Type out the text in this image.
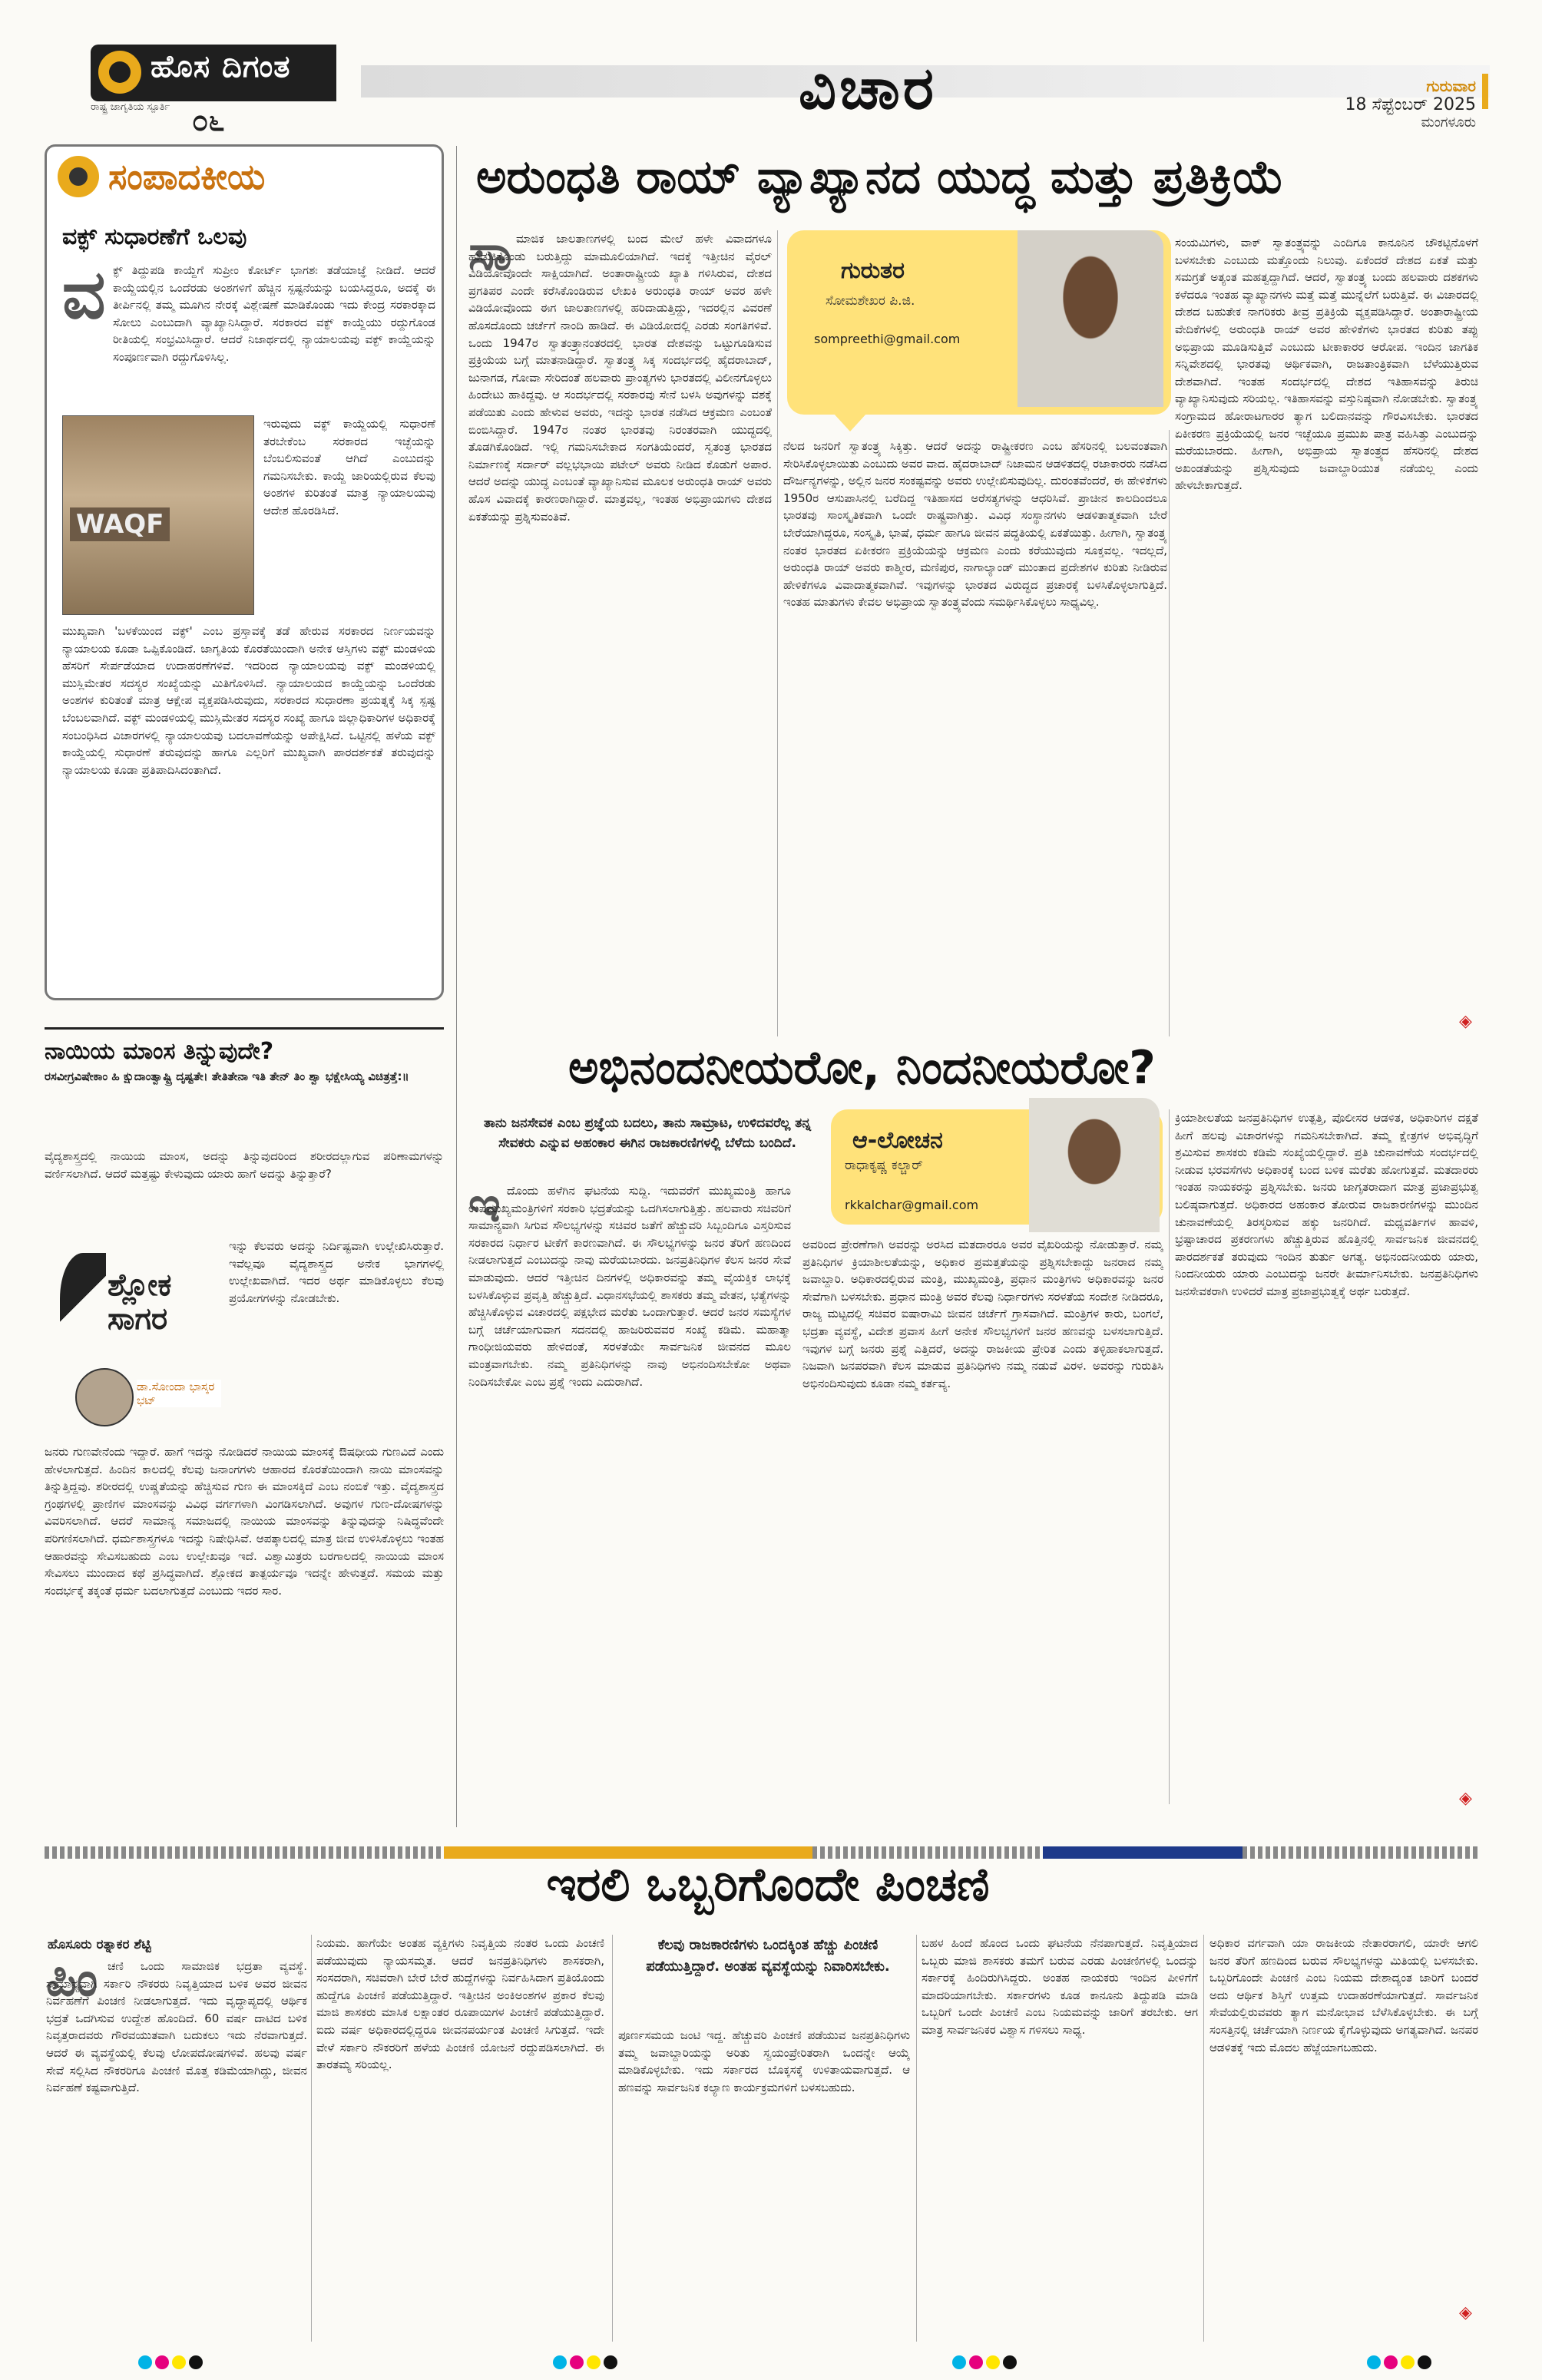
ಹೊಸ ದಿಗಂತ
ರಾಷ್ಟ್ರ ಜಾಗೃತಿಯ ಸ್ಪೂರ್ತಿ ೦೬	ವಿಚಾರ	ಗುರುವಾರ
18 ಸೆಪ್ಟೆಂಬರ್ 2025
ಮಂಗಳೂರು
ಸಂಪಾದಕೀಯ
ವಕ್ಫ್ ಸುಧಾರಣೆಗೆ ಒಲವು
ವ ಕ್ಫ್ ತಿದ್ದುಪಡಿ ಕಾಯ್ದೆಗೆ ಸುಪ್ರೀಂ ಕೋರ್ಟ್ ಭಾಗಶಃ ತಡೆಯಾಜ್ಞೆ ನೀಡಿದೆ. ಆದರೆ ಕಾಯ್ದೆಯಲ್ಲಿನ ಒಂದೆರಡು ಅಂಶಗಳಿಗೆ ಹೆಚ್ಚಿನ ಸ್ಪಷ್ಟನೆಯನ್ನು ಬಯಸಿದ್ದರೂ, ಅದಕ್ಕೆ ಈ ತೀರ್ಪಿನಲ್ಲಿ ತಮ್ಮ ಮೂಗಿನ ನೇರಕ್ಕೆ ವಿಶ್ಲೇಷಣೆ ಮಾಡಿಕೊಂಡು ಇದು ಕೇಂದ್ರ ಸರಕಾರಕ್ಕಾದ ಸೋಲು ಎಂಬುದಾಗಿ ವ್ಯಾಖ್ಯಾನಿಸಿದ್ದಾರೆ. ಸರಕಾರದ ವಕ್ಫ್ ಕಾಯ್ದೆಯು ರದ್ದುಗೊಂಡ ರೀತಿಯಲ್ಲಿ ಸಂಭ್ರಮಿಸಿದ್ದಾರೆ. ಆದರೆ ನಿಜಾರ್ಥದಲ್ಲಿ ನ್ಯಾಯಾಲಯವು ವಕ್ಫ್ ಕಾಯ್ದೆಯನ್ನು ಸಂಪೂರ್ಣವಾಗಿ ರದ್ದುಗೊಳಿಸಿಲ್ಲ.
WAQF
ಇರುವುದು ವಕ್ಫ್ ಕಾಯ್ದೆಯಲ್ಲಿ ಸುಧಾರಣೆ ತರಬೇಕೆಂಬ ಸರಕಾರದ ಇಚ್ಛೆಯನ್ನು ಬೆಂಬಲಿಸುವಂತೆ ಆಗಿದೆ ಎಂಬುದನ್ನು ಗಮನಿಸಬೇಕು. ಕಾಯ್ದೆ ಜಾರಿಯಲ್ಲಿರುವ ಕೆಲವು ಅಂಶಗಳ ಕುರಿತಂತೆ ಮಾತ್ರ ನ್ಯಾಯಾಲಯವು ಆದೇಶ ಹೊರಡಿಸಿದೆ.
ಮುಖ್ಯವಾಗಿ 'ಬಳಕೆಯಿಂದ ವಕ್ಫ್' ಎಂಬ ಪ್ರಸ್ತಾವಕ್ಕೆ ತಡೆ ಹೇರುವ ಸರಕಾರದ ನಿರ್ಣಯವನ್ನು ನ್ಯಾಯಾಲಯ ಕೂಡಾ ಒಪ್ಪಿಕೊಂಡಿದೆ. ಜಾಗೃತಿಯ ಕೊರತೆಯಿಂದಾಗಿ ಅನೇಕ ಆಸ್ತಿಗಳು ವಕ್ಫ್ ಮಂಡಳಿಯ ಹೆಸರಿಗೆ ಸೇರ್ಪಡೆಯಾದ ಉದಾಹರಣೆಗಳಿವೆ. ಇದರಿಂದ ನ್ಯಾಯಾಲಯವು ವಕ್ಫ್ ಮಂಡಳಿಯಲ್ಲಿ ಮುಸ್ಲಿಮೇತರ ಸದಸ್ಯರ ಸಂಖ್ಯೆಯನ್ನು ಮಿತಿಗೊಳಿಸಿದೆ. ನ್ಯಾಯಾಲಯದ ಕಾಯ್ದೆಯನ್ನು ಒಂದೆರಡು ಅಂಶಗಳ ಕುರಿತಂತೆ ಮಾತ್ರ ಆಕ್ಷೇಪ ವ್ಯಕ್ತಪಡಿಸಿರುವುದು, ಸರಕಾರದ ಸುಧಾರಣಾ ಪ್ರಯತ್ನಕ್ಕೆ ಸಿಕ್ಕ ಸ್ಪಷ್ಟ ಬೆಂಬಲವಾಗಿದೆ. ವಕ್ಫ್ ಮಂಡಳಿಯಲ್ಲಿ ಮುಸ್ಲಿಮೇತರ ಸದಸ್ಯರ ಸಂಖ್ಯೆ ಹಾಗೂ ಜಿಲ್ಲಾಧಿಕಾರಿಗಳ ಅಧಿಕಾರಕ್ಕೆ ಸಂಬಂಧಿಸಿದ ವಿಚಾರಗಳಲ್ಲಿ ನ್ಯಾಯಾಲಯವು ಬದಲಾವಣೆಯನ್ನು ಅಪೇಕ್ಷಿಸಿದೆ. ಒಟ್ಟಿನಲ್ಲಿ ಹಳೆಯ ವಕ್ಫ್ ಕಾಯ್ದೆಯಲ್ಲಿ ಸುಧಾರಣೆ ತರುವುದನ್ನು ಹಾಗೂ ಎಲ್ಲರಿಗೆ ಮುಖ್ಯವಾಗಿ ಪಾರದರ್ಶಕತೆ ತರುವುದನ್ನು ನ್ಯಾಯಾಲಯ ಕೂಡಾ ಪ್ರತಿಪಾದಿಸಿದಂತಾಗಿದೆ.
ಅರುಂಧತಿ ರಾಯ್ ವ್ಯಾಖ್ಯಾನದ ಯುದ್ಧ ಮತ್ತು ಪ್ರತಿಕ್ರಿಯೆ
ಸಾ ಮಾಜಿಕ ಜಾಲತಾಣಗಳಲ್ಲಿ ಬಂದ ಮೇಲೆ ಹಳೇ ವಿವಾದಗಳೂ ಹುಡುಕಿಕೊಂಡು ಬರುತ್ತಿದ್ದು ಮಾಮೂಲಿಯಾಗಿದೆ. ಇದಕ್ಕೆ ಇತ್ತೀಚಿನ ವೈರಲ್ ವಿಡಿಯೋವೊಂದೇ ಸಾಕ್ಷಿಯಾಗಿದೆ. ಅಂತಾರಾಷ್ಟ್ರೀಯ ಖ್ಯಾತಿ ಗಳಿಸಿರುವ, ದೇಶದ ಪ್ರಗತಿಪರ ಎಂದೇ ಕರೆಸಿಕೊಂಡಿರುವ ಲೇಖಕಿ ಅರುಂಧತಿ ರಾಯ್ ಅವರ ಹಳೇ ವಿಡಿಯೋವೊಂದು ಈಗ ಜಾಲತಾಣಗಳಲ್ಲಿ ಹರಿದಾಡುತ್ತಿದ್ದು, ಇದರಲ್ಲಿನ ವಿವರಣೆ ಹೊಸದೊಂದು ಚರ್ಚೆಗೆ ನಾಂದಿ ಹಾಡಿದೆ. ಈ ವಿಡಿಯೋದಲ್ಲಿ ಎರಡು ಸಂಗತಿಗಳಿವೆ. ಒಂದು 1947ರ ಸ್ವಾತಂತ್ರ್ಯಾನಂತರದಲ್ಲಿ ಭಾರತ ದೇಶವನ್ನು ಒಟ್ಟುಗೂಡಿಸುವ ಪ್ರಕ್ರಿಯೆಯ ಬಗ್ಗೆ ಮಾತನಾಡಿದ್ದಾರೆ. ಸ್ವಾತಂತ್ರ್ಯ ಸಿಕ್ಕ ಸಂದರ್ಭದಲ್ಲಿ ಹೈದರಾಬಾದ್, ಜುನಾಗಡ, ಗೋವಾ ಸೇರಿದಂತೆ ಹಲವಾರು ಪ್ರಾಂತ್ಯಗಳು ಭಾರತದಲ್ಲಿ ವಿಲೀನಗೊಳ್ಳಲು ಹಿಂದೇಟು ಹಾಕಿದ್ದವು. ಆ ಸಂದರ್ಭದಲ್ಲಿ ಸರಕಾರವು ಸೇನೆ ಬಳಸಿ ಅವುಗಳನ್ನು ವಶಕ್ಕೆ ಪಡೆಯಿತು ಎಂದು ಹೇಳುವ ಅವರು, ಇದನ್ನು ಭಾರತ ನಡೆಸಿದ ಆಕ್ರಮಣ ಎಂಬಂತೆ ಬಿಂಬಿಸಿದ್ದಾರೆ. 1947ರ ನಂತರ ಭಾರತವು ನಿರಂತರವಾಗಿ ಯುದ್ಧದಲ್ಲಿ ತೊಡಗಿಕೊಂಡಿದೆ. ಇಲ್ಲಿ ಗಮನಿಸಬೇಕಾದ ಸಂಗತಿಯೆಂದರೆ, ಸ್ವತಂತ್ರ ಭಾರತದ ನಿರ್ಮಾಣಕ್ಕೆ ಸರ್ದಾರ್ ವಲ್ಲಭಭಾಯಿ ಪಟೇಲ್ ಅವರು ನೀಡಿದ ಕೊಡುಗೆ ಅಪಾರ. ಆದರೆ ಅದನ್ನು ಯುದ್ಧ ಎಂಬಂತೆ ವ್ಯಾಖ್ಯಾನಿಸುವ ಮೂಲಕ ಅರುಂಧತಿ ರಾಯ್ ಅವರು ಹೊಸ ವಿವಾದಕ್ಕೆ ಕಾರಣರಾಗಿದ್ದಾರೆ. ಮಾತ್ರವಲ್ಲ, ಇಂತಹ ಅಭಿಪ್ರಾಯಗಳು ದೇಶದ ಏಕತೆಯನ್ನು ಪ್ರಶ್ನಿಸುವಂತಿವೆ.
ಗುರುತರ
ಸೋಮಶೇಖರ ಪಿ.ಜಿ.
sompreethi@gmail.com
ನೆಲದ ಜನರಿಗೆ ಸ್ವಾತಂತ್ರ್ಯ ಸಿಕ್ಕಿತ್ತು. ಆದರೆ ಅದನ್ನು ರಾಷ್ಟ್ರೀಕರಣ ಎಂಬ ಹೆಸರಿನಲ್ಲಿ ಬಲವಂತವಾಗಿ ಸೇರಿಸಿಕೊಳ್ಳಲಾಯಿತು ಎಂಬುದು ಅವರ ವಾದ. ಹೈದರಾಬಾದ್ ನಿಜಾಮನ ಆಡಳಿತದಲ್ಲಿ ರಜಾಕಾರರು ನಡೆಸಿದ ದೌರ್ಜನ್ಯಗಳನ್ನು, ಅಲ್ಲಿನ ಜನರ ಸಂಕಷ್ಟವನ್ನು ಅವರು ಉಲ್ಲೇಖಿಸುವುದಿಲ್ಲ. ದುರಂತವೆಂದರೆ, ಈ ಹೇಳಿಕೆಗಳು 1950ರ ಆಸುಪಾಸಿನಲ್ಲಿ ಬರೆದಿದ್ದ ಇತಿಹಾಸದ ಅರೆಸತ್ಯಗಳನ್ನು ಆಧರಿಸಿವೆ. ಪ್ರಾಚೀನ ಕಾಲದಿಂದಲೂ ಭಾರತವು ಸಾಂಸ್ಕೃತಿಕವಾಗಿ ಒಂದೇ ರಾಷ್ಟ್ರವಾಗಿತ್ತು. ವಿವಿಧ ಸಂಸ್ಥಾನಗಳು ಆಡಳಿತಾತ್ಮಕವಾಗಿ ಬೇರೆ ಬೇರೆಯಾಗಿದ್ದರೂ, ಸಂಸ್ಕೃತಿ, ಭಾಷೆ, ಧರ್ಮ ಹಾಗೂ ಜೀವನ ಪದ್ಧತಿಯಲ್ಲಿ ಏಕತೆಯಿತ್ತು. ಹೀಗಾಗಿ, ಸ್ವಾತಂತ್ರ್ಯ ನಂತರ ಭಾರತದ ಏಕೀಕರಣ ಪ್ರಕ್ರಿಯೆಯನ್ನು ಆಕ್ರಮಣ ಎಂದು ಕರೆಯುವುದು ಸೂಕ್ತವಲ್ಲ. ಇದಲ್ಲದೆ, ಅರುಂಧತಿ ರಾಯ್ ಅವರು ಕಾಶ್ಮೀರ, ಮಣಿಪುರ, ನಾಗಾಲ್ಯಾಂಡ್ ಮುಂತಾದ ಪ್ರದೇಶಗಳ ಕುರಿತು ನೀಡಿರುವ ಹೇಳಿಕೆಗಳೂ ವಿವಾದಾತ್ಮಕವಾಗಿವೆ. ಇವುಗಳನ್ನು ಭಾರತದ ವಿರುದ್ಧದ ಪ್ರಚಾರಕ್ಕೆ ಬಳಸಿಕೊಳ್ಳಲಾಗುತ್ತಿದೆ. ಇಂತಹ ಮಾತುಗಳು ಕೇವಲ ಅಭಿಪ್ರಾಯ ಸ್ವಾತಂತ್ರ್ಯವೆಂದು ಸಮರ್ಥಿಸಿಕೊಳ್ಳಲು ಸಾಧ್ಯವಿಲ್ಲ.
ಸಂಯಮಿಗಳು, ವಾಕ್ ಸ್ವಾತಂತ್ರ್ಯವನ್ನು ಎಂದಿಗೂ ಕಾನೂನಿನ ಚೌಕಟ್ಟಿನೊಳಗೆ ಬಳಸಬೇಕು ಎಂಬುದು ಮತ್ತೊಂದು ನಿಲುವು. ಏಕೆಂದರೆ ದೇಶದ ಏಕತೆ ಮತ್ತು ಸಮಗ್ರತೆ ಅತ್ಯಂತ ಮಹತ್ವದ್ದಾಗಿದೆ. ಆದರೆ, ಸ್ವಾತಂತ್ರ್ಯ ಬಂದು ಹಲವಾರು ದಶಕಗಳು ಕಳೆದರೂ ಇಂತಹ ವ್ಯಾಖ್ಯಾನಗಳು ಮತ್ತೆ ಮತ್ತೆ ಮುನ್ನೆಲೆಗೆ ಬರುತ್ತಿವೆ. ಈ ವಿಚಾರದಲ್ಲಿ ದೇಶದ ಬಹುತೇಕ ನಾಗರಿಕರು ತೀವ್ರ ಪ್ರತಿಕ್ರಿಯೆ ವ್ಯಕ್ತಪಡಿಸಿದ್ದಾರೆ. ಅಂತಾರಾಷ್ಟ್ರೀಯ ವೇದಿಕೆಗಳಲ್ಲಿ ಅರುಂಧತಿ ರಾಯ್ ಅವರ ಹೇಳಿಕೆಗಳು ಭಾರತದ ಕುರಿತು ತಪ್ಪು ಅಭಿಪ್ರಾಯ ಮೂಡಿಸುತ್ತಿವೆ ಎಂಬುದು ಟೀಕಾಕಾರರ ಆರೋಪ. ಇಂದಿನ ಜಾಗತಿಕ ಸನ್ನಿವೇಶದಲ್ಲಿ ಭಾರತವು ಆರ್ಥಿಕವಾಗಿ, ರಾಜತಾಂತ್ರಿಕವಾಗಿ ಬೆಳೆಯುತ್ತಿರುವ ದೇಶವಾಗಿದೆ. ಇಂತಹ ಸಂದರ್ಭದಲ್ಲಿ ದೇಶದ ಇತಿಹಾಸವನ್ನು ತಿರುಚಿ ವ್ಯಾಖ್ಯಾನಿಸುವುದು ಸರಿಯಲ್ಲ. ಇತಿಹಾಸವನ್ನು ವಸ್ತುನಿಷ್ಠವಾಗಿ ನೋಡಬೇಕು. ಸ್ವಾತಂತ್ರ್ಯ ಸಂಗ್ರಾಮದ ಹೋರಾಟಗಾರರ ತ್ಯಾಗ ಬಲಿದಾನವನ್ನು ಗೌರವಿಸಬೇಕು. ಭಾರತದ ಏಕೀಕರಣ ಪ್ರಕ್ರಿಯೆಯಲ್ಲಿ ಜನರ ಇಚ್ಛೆಯೂ ಪ್ರಮುಖ ಪಾತ್ರ ವಹಿಸಿತ್ತು ಎಂಬುದನ್ನು ಮರೆಯಬಾರದು. ಹೀಗಾಗಿ, ಅಭಿಪ್ರಾಯ ಸ್ವಾತಂತ್ರ್ಯದ ಹೆಸರಿನಲ್ಲಿ ದೇಶದ ಅಖಂಡತೆಯನ್ನು ಪ್ರಶ್ನಿಸುವುದು ಜವಾಬ್ದಾರಿಯುತ ನಡೆಯಲ್ಲ ಎಂದು ಹೇಳಬೇಕಾಗುತ್ತದೆ.
◈
ನಾಯಿಯ ಮಾಂಸ ತಿನ್ನುವುದೇ?
ರಸವೀಗ್ರವಿಷೇಕಾಂ ಹಿ ಕ್ಷುದಾಂತ್ವಾಷ್ಟ್ರಿ ದೃಷ್ಟತೇ। ತೇತಿತೇನಾ ಇತಿ ತೇನ್ ತಿಂ ಶ್ವಾ ಭಕ್ಷೇಸಿಯ್ಯ ವಿಚಿತ್ರತ್ತೆ:॥
ವೈದ್ಯಶಾಸ್ತ್ರದಲ್ಲಿ ನಾಯಿಯ ಮಾಂಸ, ಅದನ್ನು ತಿನ್ನುವುದರಿಂದ ಶರೀರದಲ್ಲಾಗುವ ಪರಿಣಾಮಗಳನ್ನು ವರ್ಣಿಸಲಾಗಿದೆ. ಆದರೆ ಮತ್ತಷ್ಟು ಕೇಳುವುದು ಯಾರು ಹಾಗೆ ಅದನ್ನು ತಿನ್ನುತ್ತಾರೆ?
ಶ್ಲೋಕ ಸಾಗರ
ಡಾ.ಸೋಂದಾ ಭಾಸ್ಕರ ಭಟ್
ಇನ್ನು ಕೆಲವರು ಅದನ್ನು ನಿರ್ದಿಷ್ಟವಾಗಿ ಉಲ್ಲೇಖಿಸಿರುತ್ತಾರೆ. ಇವೆಲ್ಲವೂ ವೈದ್ಯಶಾಸ್ತ್ರದ ಅನೇಕ ಭಾಗಗಳಲ್ಲಿ ಉಲ್ಲೇಖವಾಗಿದೆ. ಇದರ ಅರ್ಥ ಮಾಡಿಕೊಳ್ಳಲು ಕೆಲವು ಪ್ರಯೋಗಗಳನ್ನು ನೋಡಬೇಕು.
ಜನರು ಗುಣವೇನೆಂದು ಇದ್ದಾರೆ. ಹಾಗೆ ಇದನ್ನು ನೋಡಿದರೆ ನಾಯಿಯ ಮಾಂಸಕ್ಕೆ ಔಷಧೀಯ ಗುಣವಿದೆ ಎಂದು ಹೇಳಲಾಗುತ್ತದೆ. ಹಿಂದಿನ ಕಾಲದಲ್ಲಿ ಕೆಲವು ಜನಾಂಗಗಳು ಆಹಾರದ ಕೊರತೆಯಿಂದಾಗಿ ನಾಯಿ ಮಾಂಸವನ್ನು ತಿನ್ನುತ್ತಿದ್ದವು. ಶರೀರದಲ್ಲಿ ಉಷ್ಣತೆಯನ್ನು ಹೆಚ್ಚಿಸುವ ಗುಣ ಈ ಮಾಂಸಕ್ಕಿದೆ ಎಂಬ ನಂಬಿಕೆ ಇತ್ತು. ವೈದ್ಯಶಾಸ್ತ್ರದ ಗ್ರಂಥಗಳಲ್ಲಿ ಪ್ರಾಣಿಗಳ ಮಾಂಸವನ್ನು ವಿವಿಧ ವರ್ಗಗಳಾಗಿ ವಿಂಗಡಿಸಲಾಗಿದೆ. ಅವುಗಳ ಗುಣ-ದೋಷಗಳನ್ನು ವಿವರಿಸಲಾಗಿದೆ. ಆದರೆ ಸಾಮಾನ್ಯ ಸಮಾಜದಲ್ಲಿ ನಾಯಿಯ ಮಾಂಸವನ್ನು ತಿನ್ನುವುದನ್ನು ನಿಷಿದ್ಧವೆಂದೇ ಪರಿಗಣಿಸಲಾಗಿದೆ. ಧರ್ಮಶಾಸ್ತ್ರಗಳೂ ಇದನ್ನು ನಿಷೇಧಿಸಿವೆ. ಆಪತ್ಕಾಲದಲ್ಲಿ ಮಾತ್ರ ಜೀವ ಉಳಿಸಿಕೊಳ್ಳಲು ಇಂತಹ ಆಹಾರವನ್ನು ಸೇವಿಸಬಹುದು ಎಂಬ ಉಲ್ಲೇಖವೂ ಇದೆ. ವಿಶ್ವಾಮಿತ್ರರು ಬರಗಾಲದಲ್ಲಿ ನಾಯಿಯ ಮಾಂಸ ಸೇವಿಸಲು ಮುಂದಾದ ಕಥೆ ಪ್ರಸಿದ್ಧವಾಗಿದೆ. ಶ್ಲೋಕದ ತಾತ್ಪರ್ಯವೂ ಇದನ್ನೇ ಹೇಳುತ್ತದೆ. ಸಮಯ ಮತ್ತು ಸಂದರ್ಭಕ್ಕೆ ತಕ್ಕಂತೆ ಧರ್ಮ ಬದಲಾಗುತ್ತದೆ ಎಂಬುದು ಇದರ ಸಾರ.
ಅಭಿನಂದನೀಯರೋ, ನಿಂದನೀಯರೋ?
ತಾನು ಜನಸೇವಕ ಎಂಬ ಪ್ರಜ್ಞೆಯ ಬದಲು, ತಾನು ಸಾಮ್ರಾಟ, ಉಳಿದವರೆಲ್ಲ ತನ್ನ ಸೇವಕರು ಎನ್ನುವ ಅಹಂಕಾರ ಈಗಿನ ರಾಜಕಾರಣಿಗಳಲ್ಲಿ ಬೆಳೆದು ಬಂದಿದೆ.
ಇ ದೊಂದು ಹಳೆಗಿನ ಘಟನೆಯ ಸುದ್ದಿ. ಇದುವರೆಗೆ ಮುಖ್ಯಮಂತ್ರಿ ಹಾಗೂ ಉಪಮುಖ್ಯಮಂತ್ರಿಗಳಿಗೆ ಸರಕಾರಿ ಭದ್ರತೆಯನ್ನು ಒದಗಿಸಲಾಗುತ್ತಿತ್ತು. ಹಲವಾರು ಸಚಿವರಿಗೆ ಸಾಮಾನ್ಯವಾಗಿ ಸಿಗುವ ಸೌಲಭ್ಯಗಳನ್ನು ಸಚಿವರ ಜತೆಗೆ ಹೆಚ್ಚುವರಿ ಸಿಬ್ಬಂದಿಗೂ ವಿಸ್ತರಿಸುವ ಸರಕಾರದ ನಿರ್ಧಾರ ಟೀಕೆಗೆ ಕಾರಣವಾಗಿದೆ. ಈ ಸೌಲಭ್ಯಗಳನ್ನು ಜನರ ತೆರಿಗೆ ಹಣದಿಂದ ನೀಡಲಾಗುತ್ತದೆ ಎಂಬುದನ್ನು ನಾವು ಮರೆಯಬಾರದು. ಜನಪ್ರತಿನಿಧಿಗಳ ಕೆಲಸ ಜನರ ಸೇವೆ ಮಾಡುವುದು. ಆದರೆ ಇತ್ತೀಚಿನ ದಿನಗಳಲ್ಲಿ ಅಧಿಕಾರವನ್ನು ತಮ್ಮ ವೈಯಕ್ತಿಕ ಲಾಭಕ್ಕೆ ಬಳಸಿಕೊಳ್ಳುವ ಪ್ರವೃತ್ತಿ ಹೆಚ್ಚುತ್ತಿದೆ. ವಿಧಾನಸಭೆಯಲ್ಲಿ ಶಾಸಕರು ತಮ್ಮ ವೇತನ, ಭತ್ಯೆಗಳನ್ನು ಹೆಚ್ಚಿಸಿಕೊಳ್ಳುವ ವಿಚಾರದಲ್ಲಿ ಪಕ್ಷಭೇದ ಮರೆತು ಒಂದಾಗುತ್ತಾರೆ. ಆದರೆ ಜನರ ಸಮಸ್ಯೆಗಳ ಬಗ್ಗೆ ಚರ್ಚೆಯಾಗುವಾಗ ಸದನದಲ್ಲಿ ಹಾಜರಿರುವವರ ಸಂಖ್ಯೆ ಕಡಿಮೆ. ಮಹಾತ್ಮಾ ಗಾಂಧೀಜಿಯವರು ಹೇಳಿದಂತೆ, ಸರಳತೆಯೇ ಸಾರ್ವಜನಿಕ ಜೀವನದ ಮೂಲ ಮಂತ್ರವಾಗಬೇಕು. ನಮ್ಮ ಪ್ರತಿನಿಧಿಗಳನ್ನು ನಾವು ಅಭಿನಂದಿಸಬೇಕೋ ಅಥವಾ ನಿಂದಿಸಬೇಕೋ ಎಂಬ ಪ್ರಶ್ನೆ ಇಂದು ಎದುರಾಗಿದೆ.
ಆ-ಲೋಚನ
ರಾಧಾಕೃಷ್ಣ ಕಲ್ಚಾರ್
rkkalchar@gmail.com
ಅವರಿಂದ ಪ್ರೇರಣೆಗಾಗಿ ಅವರನ್ನು ಅರಸಿದ ಮತದಾರರೂ ಅವರ ವೈಖರಿಯನ್ನು ನೋಡುತ್ತಾರೆ. ನಮ್ಮ ಪ್ರತಿನಿಧಿಗಳ ಕ್ರಿಯಾಶೀಲತೆಯನ್ನು, ಅಧಿಕಾರ ಪ್ರಮತ್ತತೆಯನ್ನು ಪ್ರಶ್ನಿಸಬೇಕಾದ್ದು ಜನರಾದ ನಮ್ಮ ಜವಾಬ್ದಾರಿ. ಅಧಿಕಾರದಲ್ಲಿರುವ ಮಂತ್ರಿ, ಮುಖ್ಯಮಂತ್ರಿ, ಪ್ರಧಾನ ಮಂತ್ರಿಗಳು ಅಧಿಕಾರವನ್ನು ಜನರ ಸೇವೆಗಾಗಿ ಬಳಸಬೇಕು. ಪ್ರಧಾನ ಮಂತ್ರಿ ಅವರ ಕೆಲವು ನಿರ್ಧಾರಗಳು ಸರಳತೆಯ ಸಂದೇಶ ನೀಡಿದರೂ, ರಾಜ್ಯ ಮಟ್ಟದಲ್ಲಿ ಸಚಿವರ ಐಷಾರಾಮಿ ಜೀವನ ಚರ್ಚೆಗೆ ಗ್ರಾಸವಾಗಿದೆ. ಮಂತ್ರಿಗಳ ಕಾರು, ಬಂಗಲೆ, ಭದ್ರತಾ ವ್ಯವಸ್ಥೆ, ವಿದೇಶ ಪ್ರವಾಸ ಹೀಗೆ ಅನೇಕ ಸೌಲಭ್ಯಗಳಿಗೆ ಜನರ ಹಣವನ್ನು ಬಳಸಲಾಗುತ್ತಿದೆ. ಇವುಗಳ ಬಗ್ಗೆ ಜನರು ಪ್ರಶ್ನೆ ಎತ್ತಿದರೆ, ಅದನ್ನು ರಾಜಕೀಯ ಪ್ರೇರಿತ ಎಂದು ತಳ್ಳಿಹಾಕಲಾಗುತ್ತದೆ. ನಿಜವಾಗಿ ಜನಪರವಾಗಿ ಕೆಲಸ ಮಾಡುವ ಪ್ರತಿನಿಧಿಗಳು ನಮ್ಮ ನಡುವೆ ವಿರಳ. ಅವರನ್ನು ಗುರುತಿಸಿ ಅಭಿನಂದಿಸುವುದು ಕೂಡಾ ನಮ್ಮ ಕರ್ತವ್ಯ.
ಕ್ರಿಯಾಶೀಲತೆಯ ಜನಪ್ರತಿನಿಧಿಗಳ ಉತ್ಪತ್ತಿ, ಪೊಲೀಸರ ಆಡಳಿತ, ಅಧಿಕಾರಿಗಳ ದಕ್ಷತೆ ಹೀಗೆ ಹಲವು ವಿಚಾರಗಳನ್ನು ಗಮನಿಸಬೇಕಾಗಿದೆ. ತಮ್ಮ ಕ್ಷೇತ್ರಗಳ ಅಭಿವೃದ್ಧಿಗೆ ಶ್ರಮಿಸುವ ಶಾಸಕರು ಕಡಿಮೆ ಸಂಖ್ಯೆಯಲ್ಲಿದ್ದಾರೆ. ಪ್ರತಿ ಚುನಾವಣೆಯ ಸಂದರ್ಭದಲ್ಲಿ ನೀಡುವ ಭರವಸೆಗಳು ಅಧಿಕಾರಕ್ಕೆ ಬಂದ ಬಳಿಕ ಮರೆತು ಹೋಗುತ್ತವೆ. ಮತದಾರರು ಇಂತಹ ನಾಯಕರನ್ನು ಪ್ರಶ್ನಿಸಬೇಕು. ಜನರು ಜಾಗೃತರಾದಾಗ ಮಾತ್ರ ಪ್ರಜಾಪ್ರಭುತ್ವ ಬಲಿಷ್ಠವಾಗುತ್ತದೆ. ಅಧಿಕಾರದ ಅಹಂಕಾರ ತೋರುವ ರಾಜಕಾರಣಿಗಳನ್ನು ಮುಂದಿನ ಚುನಾವಣೆಯಲ್ಲಿ ತಿರಸ್ಕರಿಸುವ ಹಕ್ಕು ಜನರಿಗಿದೆ. ಮಧ್ಯವರ್ತಿಗಳ ಹಾವಳಿ, ಭ್ರಷ್ಟಾಚಾರದ ಪ್ರಕರಣಗಳು ಹೆಚ್ಚುತ್ತಿರುವ ಹೊತ್ತಿನಲ್ಲಿ ಸಾರ್ವಜನಿಕ ಜೀವನದಲ್ಲಿ ಪಾರದರ್ಶಕತೆ ತರುವುದು ಇಂದಿನ ತುರ್ತು ಅಗತ್ಯ. ಅಭಿನಂದನೀಯರು ಯಾರು, ನಿಂದನೀಯರು ಯಾರು ಎಂಬುದನ್ನು ಜನರೇ ತೀರ್ಮಾನಿಸಬೇಕು. ಜನಪ್ರತಿನಿಧಿಗಳು ಜನಸೇವಕರಾಗಿ ಉಳಿದರೆ ಮಾತ್ರ ಪ್ರಜಾಪ್ರಭುತ್ವಕ್ಕೆ ಅರ್ಥ ಬರುತ್ತದೆ.
◈
ಇರಲಿ ಒಬ್ಬರಿಗೊಂದೇ ಪಿಂಚಣಿ
ಹೊಸೂರು ರತ್ನಾಕರ ಶೆಟ್ಟಿ
ಪಿಂ ಚಣಿ ಒಂದು ಸಾಮಾಜಿಕ ಭದ್ರತಾ ವ್ಯವಸ್ಥೆ. ಸಾಮಾನ್ಯವಾಗಿ ಸರ್ಕಾರಿ ನೌಕರರು ನಿವೃತ್ತಿಯಾದ ಬಳಿಕ ಅವರ ಜೀವನ ನಿರ್ವಹಣೆಗೆ ಪಿಂಚಣಿ ನೀಡಲಾಗುತ್ತದೆ. ಇದು ವೃದ್ಧಾಪ್ಯದಲ್ಲಿ ಆರ್ಥಿಕ ಭದ್ರತೆ ಒದಗಿಸುವ ಉದ್ದೇಶ ಹೊಂದಿದೆ. 60 ವರ್ಷ ದಾಟಿದ ಬಳಿಕ ನಿವೃತ್ತರಾದವರು ಗೌರವಯುತವಾಗಿ ಬದುಕಲು ಇದು ನೆರವಾಗುತ್ತದೆ. ಆದರೆ ಈ ವ್ಯವಸ್ಥೆಯಲ್ಲಿ ಕೆಲವು ಲೋಪದೋಷಗಳಿವೆ. ಹಲವು ವರ್ಷ ಸೇವೆ ಸಲ್ಲಿಸಿದ ನೌಕರರಿಗೂ ಪಿಂಚಣಿ ಮೊತ್ತ ಕಡಿಮೆಯಾಗಿದ್ದು, ಜೀವನ ನಿರ್ವಹಣೆ ಕಷ್ಟವಾಗುತ್ತಿದೆ.
ನಿಯಮ. ಹಾಗೆಯೇ ಅಂತಹ ವ್ಯಕ್ತಿಗಳು ನಿವೃತ್ತಿಯ ನಂತರ ಒಂದು ಪಿಂಚಣಿ ಪಡೆಯುವುದು ನ್ಯಾಯಸಮ್ಮತ. ಆದರೆ ಜನಪ್ರತಿನಿಧಿಗಳು ಶಾಸಕರಾಗಿ, ಸಂಸದರಾಗಿ, ಸಚಿವರಾಗಿ ಬೇರೆ ಬೇರೆ ಹುದ್ದೆಗಳನ್ನು ನಿರ್ವಹಿಸಿದಾಗ ಪ್ರತಿಯೊಂದು ಹುದ್ದೆಗೂ ಪಿಂಚಣಿ ಪಡೆಯುತ್ತಿದ್ದಾರೆ. ಇತ್ತೀಚಿನ ಅಂಕಿಅಂಶಗಳ ಪ್ರಕಾರ ಕೆಲವು ಮಾಜಿ ಶಾಸಕರು ಮಾಸಿಕ ಲಕ್ಷಾಂತರ ರೂಪಾಯಿಗಳ ಪಿಂಚಣಿ ಪಡೆಯುತ್ತಿದ್ದಾರೆ. ಐದು ವರ್ಷ ಅಧಿಕಾರದಲ್ಲಿದ್ದರೂ ಜೀವನಪರ್ಯಂತ ಪಿಂಚಣಿ ಸಿಗುತ್ತದೆ. ಇದೇ ವೇಳೆ ಸರ್ಕಾರಿ ನೌಕರರಿಗೆ ಹಳೆಯ ಪಿಂಚಣಿ ಯೋಜನೆ ರದ್ದುಪಡಿಸಲಾಗಿದೆ. ಈ ತಾರತಮ್ಯ ಸರಿಯಲ್ಲ.
ಕೆಲವು ರಾಜಕಾರಣಿಗಳು ಒಂದಕ್ಕಿಂತ ಹೆಚ್ಚು ಪಿಂಚಣಿ ಪಡೆಯುತ್ತಿದ್ದಾರೆ. ಅಂತಹ ವ್ಯವಸ್ಥೆಯನ್ನು ನಿವಾರಿಸಬೇಕು.
ಪೂರ್ಣಸಮಯ ಜಂಟಿ ಇದ್ದ. ಹೆಚ್ಚುವರಿ ಪಿಂಚಣಿ ಪಡೆಯುವ ಜನಪ್ರತಿನಿಧಿಗಳು ತಮ್ಮ ಜವಾಬ್ದಾರಿಯನ್ನು ಅರಿತು ಸ್ವಯಂಪ್ರೇರಿತರಾಗಿ ಒಂದನ್ನೇ ಆಯ್ಕೆ ಮಾಡಿಕೊಳ್ಳಬೇಕು. ಇದು ಸರ್ಕಾರದ ಬೊಕ್ಕಸಕ್ಕೆ ಉಳಿತಾಯವಾಗುತ್ತದೆ. ಆ ಹಣವನ್ನು ಸಾರ್ವಜನಿಕ ಕಲ್ಯಾಣ ಕಾರ್ಯಕ್ರಮಗಳಿಗೆ ಬಳಸಬಹುದು.
ಬಹಳ ಹಿಂದೆ ಹೊಂದ ಒಂದು ಘಟನೆಯ ನೆನಪಾಗುತ್ತದೆ. ನಿವೃತ್ತಿಯಾದ ಒಬ್ಬರು ಮಾಜಿ ಶಾಸಕರು ತಮಗೆ ಬರುವ ಎರಡು ಪಿಂಚಣಿಗಳಲ್ಲಿ ಒಂದನ್ನು ಸರ್ಕಾರಕ್ಕೆ ಹಿಂದಿರುಗಿಸಿದ್ದರು. ಅಂತಹ ನಾಯಕರು ಇಂದಿನ ಪೀಳಿಗೆಗೆ ಮಾದರಿಯಾಗಬೇಕು. ಸರ್ಕಾರಗಳು ಕೂಡ ಕಾನೂನು ತಿದ್ದುಪಡಿ ಮಾಡಿ ಒಬ್ಬರಿಗೆ ಒಂದೇ ಪಿಂಚಣಿ ಎಂಬ ನಿಯಮವನ್ನು ಜಾರಿಗೆ ತರಬೇಕು. ಆಗ ಮಾತ್ರ ಸಾರ್ವಜನಿಕರ ವಿಶ್ವಾಸ ಗಳಿಸಲು ಸಾಧ್ಯ.
ಅಧಿಕಾರ ವರ್ಗವಾಗಿ ಯಾ ರಾಜಕೀಯ ನೇತಾರರಾಗಲಿ, ಯಾರೇ ಆಗಲಿ ಜನರ ತೆರಿಗೆ ಹಣದಿಂದ ಬರುವ ಸೌಲಭ್ಯಗಳನ್ನು ಮಿತಿಯಲ್ಲಿ ಬಳಸಬೇಕು. ಒಬ್ಬರಿಗೊಂದೇ ಪಿಂಚಣಿ ಎಂಬ ನಿಯಮ ದೇಶಾದ್ಯಂತ ಜಾರಿಗೆ ಬಂದರೆ ಅದು ಆರ್ಥಿಕ ಶಿಸ್ತಿಗೆ ಉತ್ತಮ ಉದಾಹರಣೆಯಾಗುತ್ತದೆ. ಸಾರ್ವಜನಿಕ ಸೇವೆಯಲ್ಲಿರುವವರು ತ್ಯಾಗ ಮನೋಭಾವ ಬೆಳೆಸಿಕೊಳ್ಳಬೇಕು. ಈ ಬಗ್ಗೆ ಸಂಸತ್ತಿನಲ್ಲಿ ಚರ್ಚೆಯಾಗಿ ನಿರ್ಣಯ ಕೈಗೊಳ್ಳುವುದು ಅಗತ್ಯವಾಗಿದೆ. ಜನಪರ ಆಡಳಿತಕ್ಕೆ ಇದು ಮೊದಲ ಹೆಜ್ಜೆಯಾಗಬಹುದು.
◈
